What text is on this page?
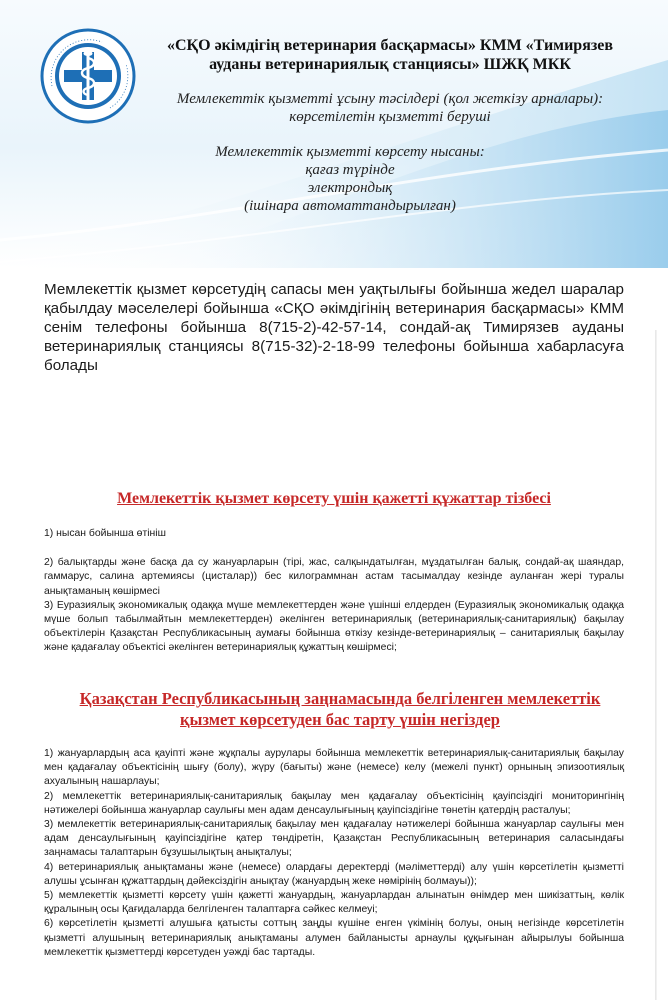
«СҚО әкімдігің ветеринария басқармасы» КММ «Тимирязев
ауданы ветеринариялық станциясы» ШЖҚ МКК
Мемлекеттік қызметті ұсыну тәсілдері (қол жеткізу арналары):
көрсетілетін қызметті беруші
Мемлекеттік қызметті көрсету нысаны:
қағаз түрінде
электрондық
(ішінара автоматтандырылған)
Мемлекеттік қызмет көрсетудің сапасы мен уақтылығы бойынша жедел шаралар қабылдау мәселелері бойынша «СҚО әкімдігінің ветеринария басқармасы» КММ сенім телефоны бойынша 8(715-2)-42-57-14, сондай-ақ Тимирязев ауданы ветеринариялық станциясы 8(715-32)-2-18-99 телефоны бойынша хабарласуға болады
Мемлекеттік қызмет көрсету үшін қажетті құжаттар тізбесі

1) нысан бойынша өтініш

2) балықтарды және басқа да су жануарларын (тірі, жас, салқындатылған, мұздатылған балық, сондай-ақ шаяндар, гаммарус, салина артемиясы (цисталар)) бес килограммнан астам тасымалдау кезінде ауланған жері туралы анықтаманың көшірмесі

3) Еуразиялық экономикалық одаққа мүше мемлекеттерден және үшінші елдерден (Еуразиялық экономикалық одаққа мүше болып табылмайтын мемлекеттерден) әкелінген ветеринариялық (ветеринариялық-санитариялық) бақылау объектілерін Қазақстан Республикасының аумағы бойынша өткізу кезінде-ветеринариялық – санитариялық бақылау және қадағалау объектісі әкелінген ветеринариялық құжаттың көшірмесі;

Қазақстан Республикасының заңнамасында белгіленген мемлекеттік
қызмет көрсетуден бас тарту үшін негіздер

1) жануарлардың аса қауіпті және жұқпалы аурулары бойынша мемлекеттік ветеринариялық-санитариялық бақылау мен қадағалау объектісінің шығу (болу), жүру (бағыты) және (немесе) келу (межелі пункт) орнының эпизоотиялық ахуалының нашарлауы;

2) мемлекеттік ветеринариялық-санитариялық бақылау мен қадағалау объектісінің қауіпсіздігі мониторингінің нәтижелері бойынша жануарлар саулығы мен адам денсаулығының қауіпсіздігіне төнетін қатердің расталуы;

3) мемлекеттік ветеринариялық-санитариялық бақылау мен қадағалау нәтижелері бойынша жануарлар саулығы мен адам денсаулығының қауіпсіздігіне қатер төндіретін, Қазақстан Республикасының ветеринария саласындағы заңнамасы талаптарын бұзушылықтың анықталуы;

4) ветеринариялық анықтаманы және (немесе) олардағы деректерді (мәліметтерді) алу үшін көрсетілетін қызметті алушы ұсынған құжаттардың дәйексіздігін анықтау (жануардың жеке нөмірінің болмауы));

5) мемлекеттік қызметті көрсету үшін қажетті жануардың, жануарлардан алынатын өнімдер мен шикізаттың, көлік құралының осы Қағидаларда белгіленген талаптарға сәйкес келмеуі;

6) көрсетілетін қызметті алушыға қатысты соттың заңды күшіне енген үкімінің болуы, оның негізінде көрсетілетін қызметті алушының ветеринариялық анықтаманы алумен байланысты арнаулы құқығынан айырылуы бойынша мемлекеттік қызметтерді көрсетуден уәжді бас тартады.
